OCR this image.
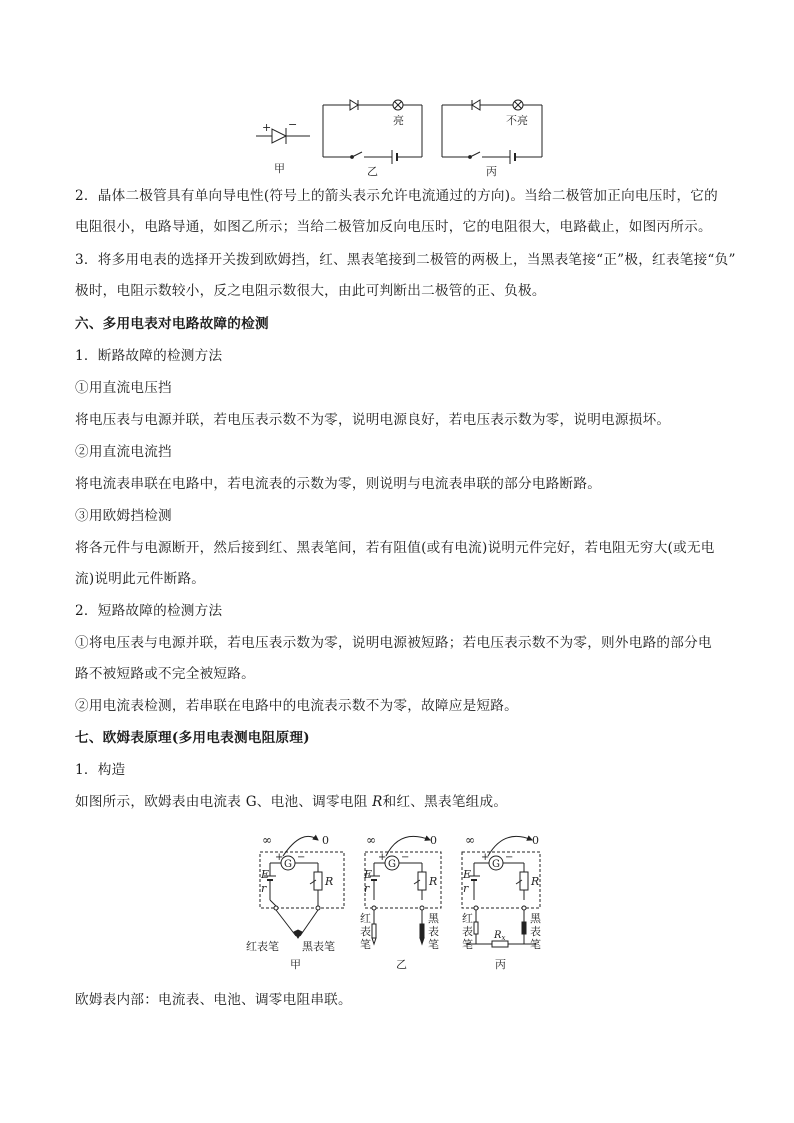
+ −
甲
亮
乙
不亮
丙

2．晶体二极管具有单向导电性(符号上的箭头表示允许电流通过的方向)。当给二极管加正向电压时，它的

电阻很小，电路导通，如图乙所示；当给二极管加反向电压时，它的电阻很大，电路截止，如图丙所示。

3．将多用电表的选择开关拨到欧姆挡，红、黑表笔接到二极管的两极上，当黑表笔接“正”极，红表笔接“负”

极时，电阻示数较小，反之电阻示数很大，由此可判断出二极管的正、负极。

六、多用电表对电路故障的检测

1．断路故障的检测方法

①用直流电压挡

将电压表与电源并联，若电压表示数不为零，说明电源良好，若电压表示数为零，说明电源损坏。

②用直流电流挡

将电流表串联在电路中，若电流表的示数为零，则说明与电流表串联的部分电路断路。

③用欧姆挡检测

将各元件与电源断开，然后接到红、黑表笔间，若有阻值(或有电流)说明元件完好，若电阻无穷大(或无电

流)说明此元件断路。

2．短路故障的检测方法

①将电压表与电源并联，若电压表示数为零，说明电源被短路；若电压表示数不为零，则外电路的部分电

路不被短路或不完全被短路。

②用电流表检测，若串联在电路中的电流表示数不为零，故障应是短路。

七、欧姆表原理(多用电表测电阻原理)

1．构造

如图所示，欧姆表由电流表 G、电池、调零电阻 R和红、黑表笔组成。

∞	0
G
+ −
E
r
R
红表笔 黑表笔
甲
∞	0
G
+ −
E
r
R
红
表
笔
黑
表
笔
乙
∞	0
G
+ −
E
r
R
红
表
笔
黑
表
笔
$R_x$
丙

欧姆表内部：电流表、电池、调零电阻串联。
